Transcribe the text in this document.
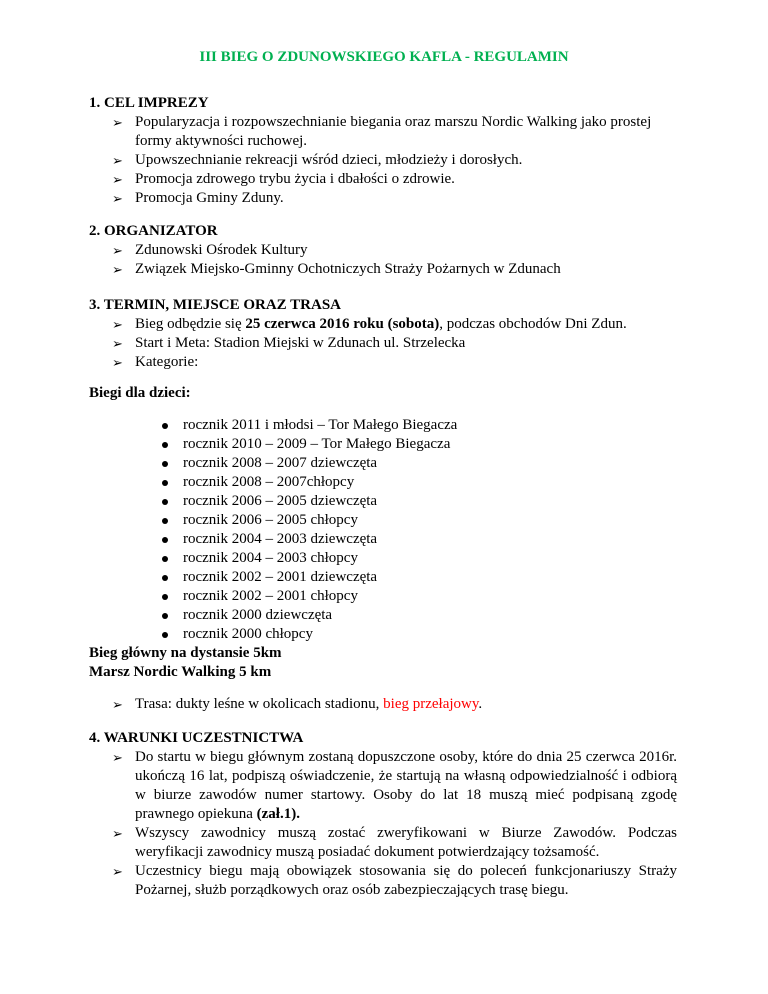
III BIEG O ZDUNOWSKIEGO KAFLA - REGULAMIN
1. CEL IMPREZY
➢ Popularyzacja i rozpowszechnianie biegania oraz marszu Nordic Walking jako prostej formy aktywności ruchowej.
➢ Upowszechnianie rekreacji wśród dzieci, młodzieży i dorosłych.
➢ Promocja zdrowego trybu życia i dbałości o zdrowie.
➢ Promocja Gminy Zduny.
2. ORGANIZATOR
➢ Zdunowski Ośrodek Kultury
➢ Związek Miejsko-Gminny Ochotniczych Straży Pożarnych w Zdunach
3. TERMIN, MIEJSCE ORAZ TRASA
➢ Bieg odbędzie się 25 czerwca 2016 roku (sobota), podczas obchodów Dni Zdun.
➢ Start i Meta: Stadion Miejski w Zdunach ul. Strzelecka
➢ Kategorie:
Biegi dla dzieci:
rocznik 2011 i młodsi – Tor Małego Biegacza
rocznik 2010 – 2009 – Tor Małego Biegacza
rocznik 2008 – 2007 dziewczęta
rocznik 2008 – 2007chłopcy
rocznik 2006 – 2005 dziewczęta
rocznik 2006 – 2005 chłopcy
rocznik 2004 – 2003 dziewczęta
rocznik 2004 – 2003 chłopcy
rocznik 2002 – 2001 dziewczęta
rocznik 2002 – 2001 chłopcy
rocznik 2000 dziewczęta
rocznik 2000 chłopcy
Bieg główny na dystansie 5km
Marsz Nordic Walking 5 km
➢ Trasa: dukty leśne w okolicach stadionu, bieg przełajowy.
4. WARUNKI UCZESTNICTWA
➢ Do startu w biegu głównym zostaną dopuszczone osoby, które do dnia 25 czerwca 2016r. ukończą 16 lat, podpiszą oświadczenie, że startują na własną odpowiedzialność i odbiorą w biurze zawodów numer startowy. Osoby do lat 18 muszą mieć podpisaną zgodę prawnego opiekuna (zał.1).
➢ Wszyscy zawodnicy muszą zostać zweryfikowani w Biurze Zawodów. Podczas weryfikacji zawodnicy muszą posiadać dokument potwierdzający tożsamość.
➢ Uczestnicy biegu mają obowiązek stosowania się do poleceń funkcjonariuszy Straży Pożarnej, służb porządkowych oraz osób zabezpieczających trasę biegu.
